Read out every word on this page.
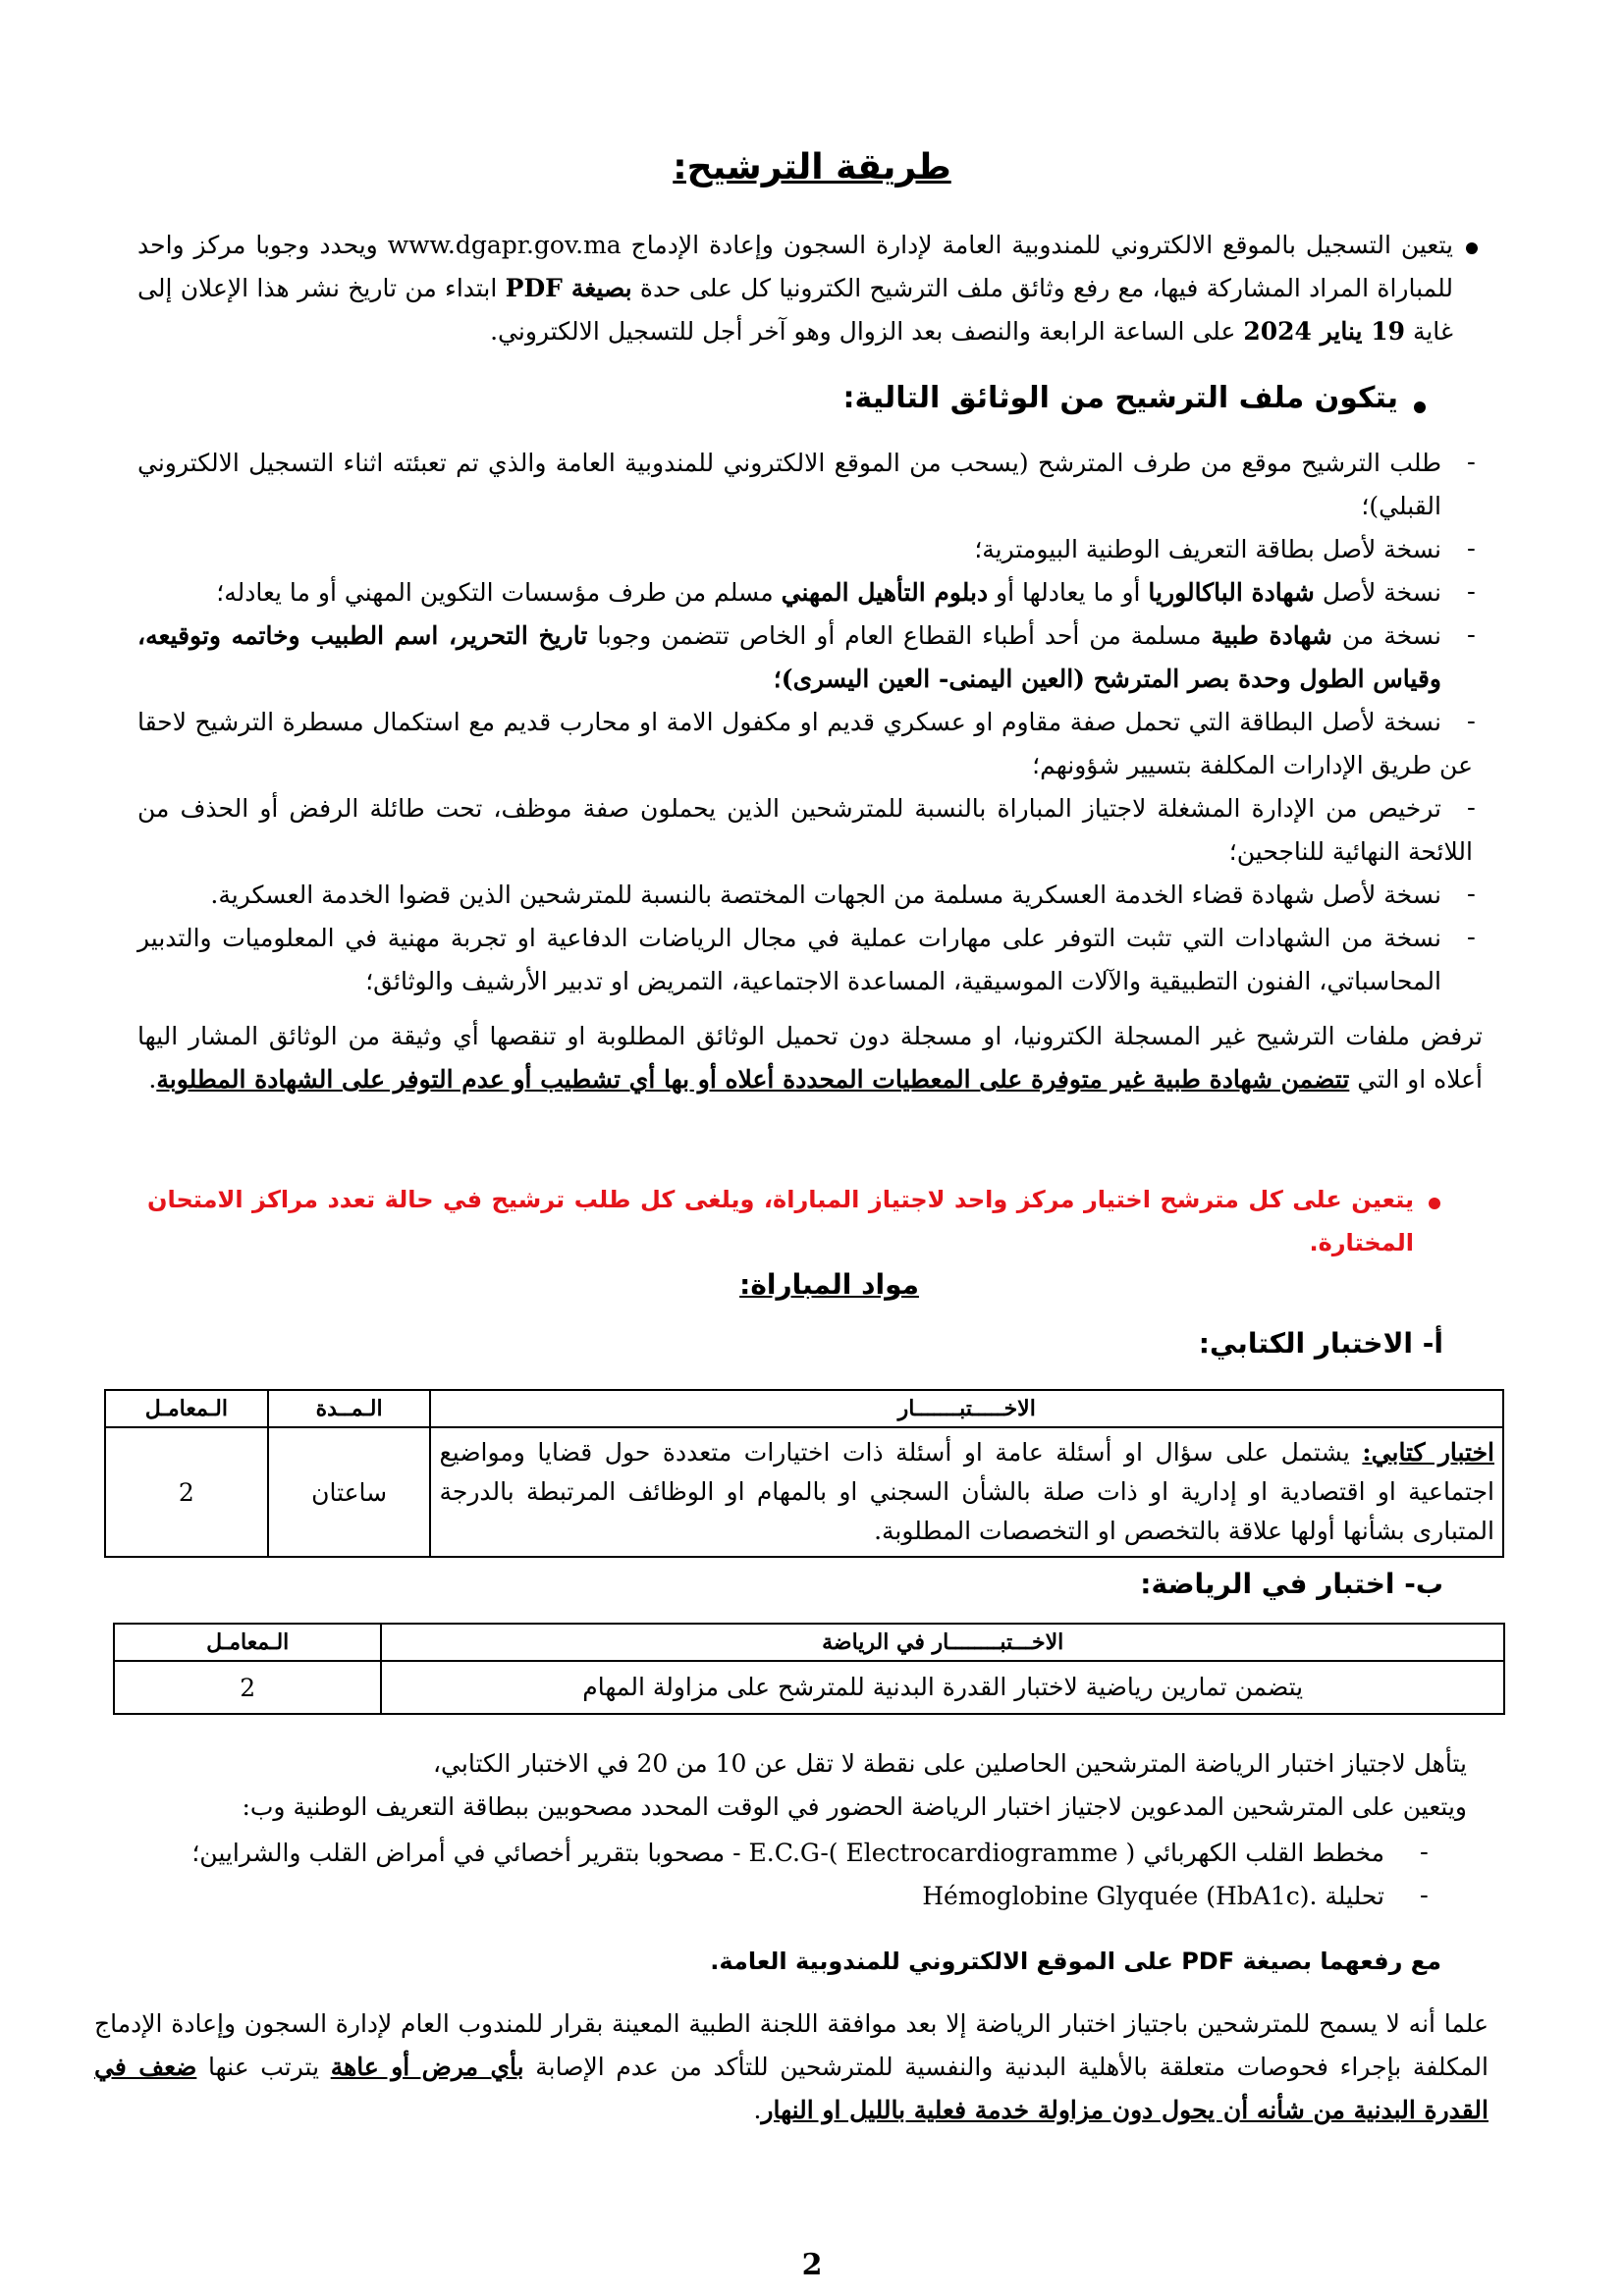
طريقة الترشيح:
يتعين التسجيل بالموقع الالكتروني للمندوبية العامة لإدارة السجون وإعادة الإدماج www.dgapr.gov.ma ويحدد وجوبا مركز واحد للمباراة المراد المشاركة فيها، مع رفع وثائق ملف الترشيح الكترونيا كل على حدة بصيغة PDF ابتداء من تاريخ نشر هذا الإعلان إلى غاية 19 يناير 2024 على الساعة الرابعة والنصف بعد الزوال وهو آخر أجل للتسجيل الالكتروني.
يتكون ملف الترشيح من الوثائق التالية:
-
طلب الترشيح موقع من طرف المترشح (يسحب من الموقع الالكتروني للمندوبية العامة والذي تم تعبئته اثناء التسجيل الالكتروني القبلي)؛
-
نسخة لأصل بطاقة التعريف الوطنية البيومترية؛
-
نسخة لأصل شهادة الباكالوريا أو ما يعادلها أو دبلوم التأهيل المهني مسلم من طرف مؤسسات التكوين المهني أو ما يعادله؛
-
نسخة من شهادة طبية مسلمة من أحد أطباء القطاع العام أو الخاص تتضمن وجوبا تاريخ التحرير، اسم الطبيب وخاتمه وتوقيعه، وقياس الطول وحدة بصر المترشح (العين اليمنى- العين اليسرى)؛
-
نسخة لأصل البطاقة التي تحمل صفة مقاوم او عسكري قديم او مكفول الامة او محارب قديم مع استكمال مسطرة الترشيح لاحقا عن طريق الإدارات المكلفة بتسيير شؤونهم؛
-
ترخيص من الإدارة المشغلة لاجتياز المباراة بالنسبة للمترشحين الذين يحملون صفة موظف، تحت طائلة الرفض أو الحذف من اللائحة النهائية للناجحين؛
-
نسخة لأصل شهادة قضاء الخدمة العسكرية مسلمة من الجهات المختصة بالنسبة للمترشحين الذين قضوا الخدمة العسكرية.
-
نسخة من الشهادات التي تثبت التوفر على مهارات عملية في مجال الرياضات الدفاعية او تجربة مهنية في المعلوميات والتدبير المحاسباتي، الفنون التطبيقية والآلات الموسيقية، المساعدة الاجتماعية، التمريض او تدبير الأرشيف والوثائق؛
ترفض ملفات الترشيح غير المسجلة الكترونيا، او مسجلة دون تحميل الوثائق المطلوبة او تنقصها أي وثيقة من الوثائق المشار اليها أعلاه او التي تتضمن شهادة طبية غير متوفرة على المعطيات المحددة أعلاه أو بها أي تشطيب أو عدم التوفر على الشهادة المطلوبة.
يتعين على كل مترشح اختيار مركز واحد لاجتياز المباراة، ويلغى كل طلب ترشيح في حالة تعدد مراكز الامتحان المختارة.
مواد المباراة:
أ- الاختبار الكتابي:
الاخـــــتبـــــــار	الـمــدة	الـمعامـل
اختبار كتابي: يشتمل على سؤال او أسئلة عامة او أسئلة ذات اختيارات متعددة حول قضايا ومواضيع اجتماعية او اقتصادية او إدارية او ذات صلة بالشأن السجني او بالمهام او الوظائف المرتبطة بالدرجة المتبارى بشأنها أولها علاقة بالتخصص او التخصصات المطلوبة.	ساعتان	2
ب- اختبار في الرياضة:
الاخـــتبــــــــار في الرياضة	الـمعامـل
يتضمن تمارين رياضية لاختبار القدرة البدنية للمترشح على مزاولة المهام	2
يتأهل لاجتياز اختبار الرياضة المترشحين الحاصلين على نقطة لا تقل عن 10 من 20 في الاختبار الكتابي،
ويتعين على المترشحين المدعوين لاجتياز اختبار الرياضة الحضور في الوقت المحدد مصحوبين ببطاقة التعريف الوطنية وب:
-
مخطط القلب الكهربائي E.C.G-( Electrocardiogramme ) - مصحوبا بتقرير أخصائي في أمراض القلب والشرايين؛
-
تحليلة Hémoglobine Glyquée (HbA1c).
مع رفعهما بصيغة PDF على الموقع الالكتروني للمندوبية العامة.
علما أنه لا يسمح للمترشحين باجتياز اختبار الرياضة إلا بعد موافقة اللجنة الطبية المعينة بقرار للمندوب العام لإدارة السجون وإعادة الإدماج المكلفة بإجراء فحوصات متعلقة بالأهلية البدنية والنفسية للمترشحين للتأكد من عدم الإصابة بأي مرض أو عاهة يترتب عنها ضعف في القدرة البدنية من شأنه أن يحول دون مزاولة خدمة فعلية بالليل او النهار.
2
